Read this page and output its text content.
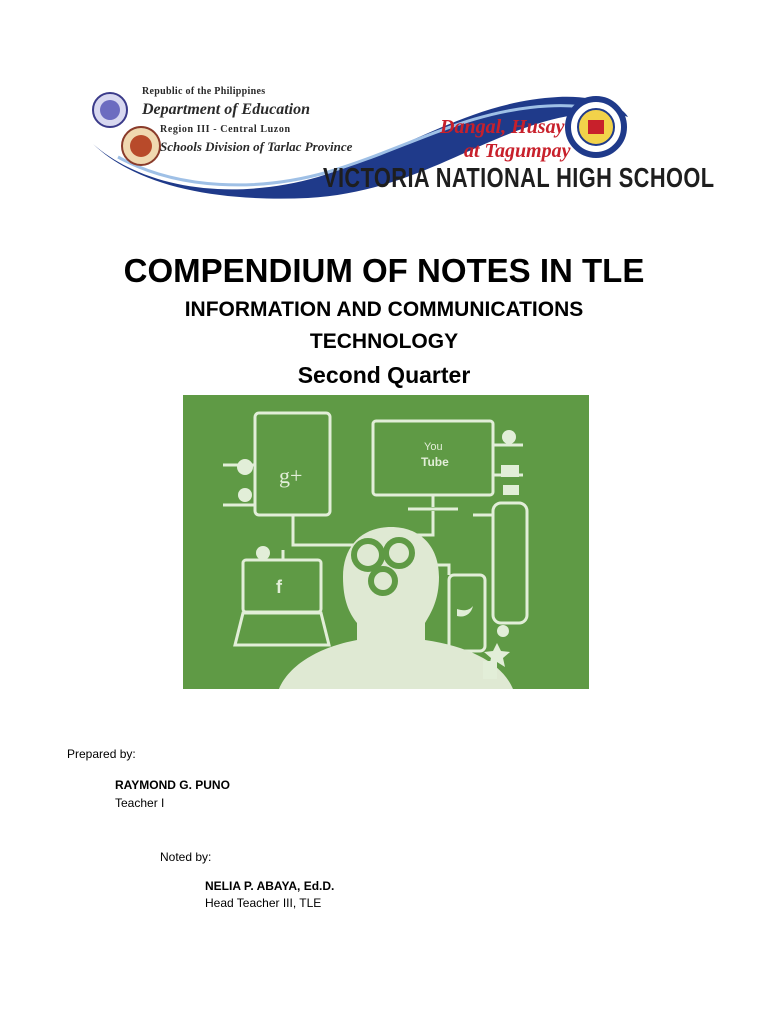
Republic of the Philippines
Department of Education
Region III - Central Luzon
Schools Division of Tarlac Province
Dangal, Husay
at Tagumpay
VICTORIA NATIONAL HIGH SCHOOL
COMPENDIUM OF NOTES IN TLE
INFORMATION AND COMMUNICATIONS
TECHNOLOGY
Second Quarter
g+
You
Tube
f
Prepared by:
RAYMOND G. PUNO
Teacher I
Noted by:
NELIA P. ABAYA, Ed.D.
Head Teacher III, TLE
